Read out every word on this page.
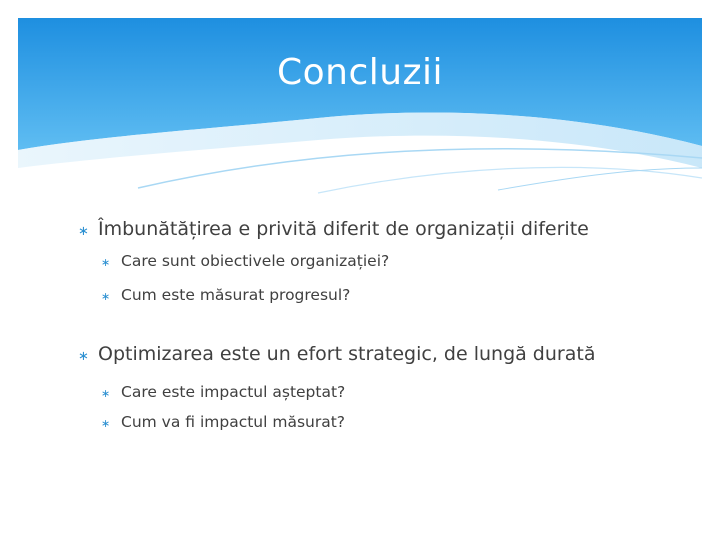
Concluzii
∗ Îmbunătățirea e privită diferit de organizații diferite
∗ Care sunt obiectivele organizației?
∗ Cum este măsurat progresul?
∗ Optimizarea este un efort strategic, de lungă durată
∗ Care este impactul așteptat?
∗ Cum va fi impactul măsurat?
